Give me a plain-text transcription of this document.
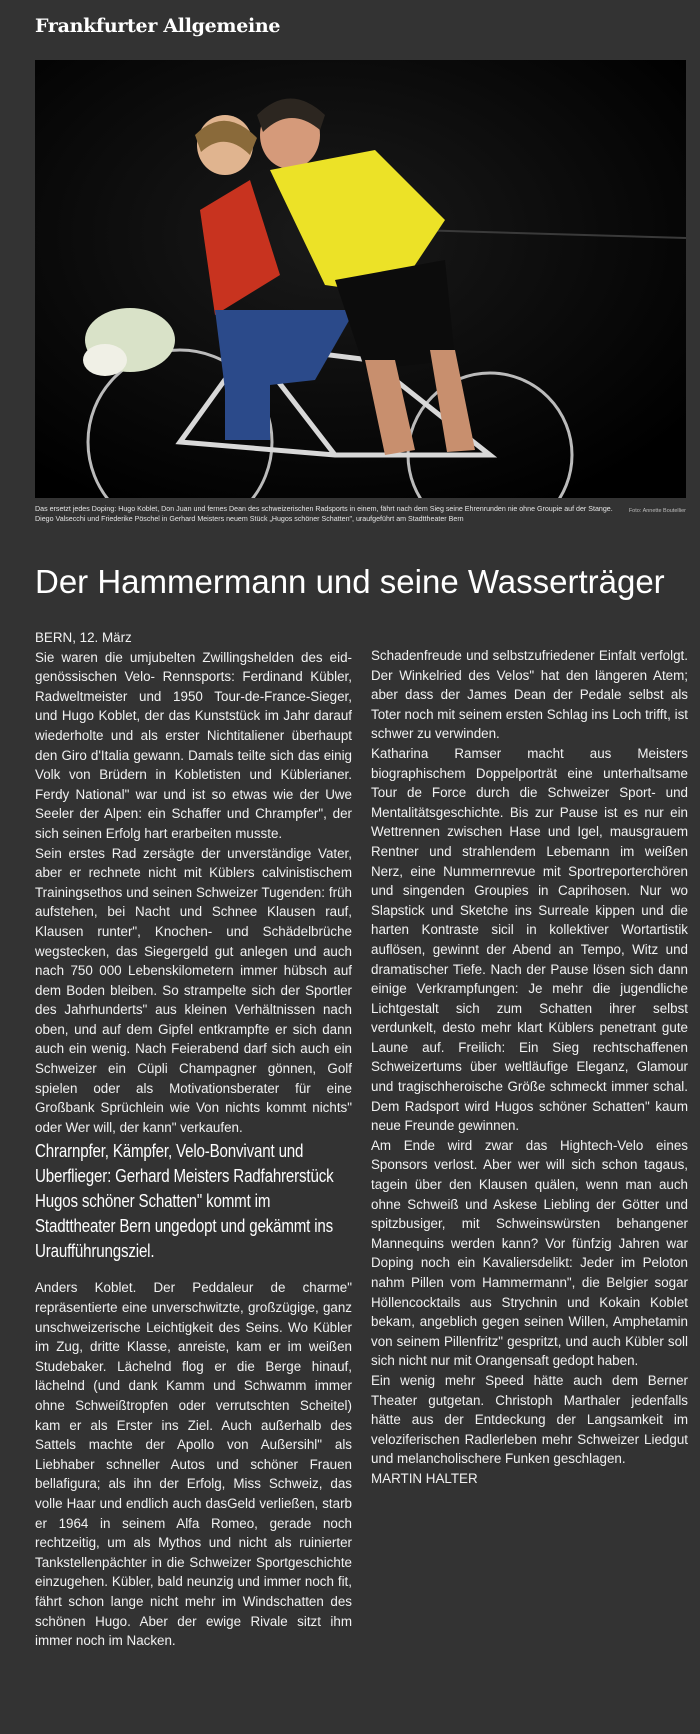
Frankfurter Allgemeine
Foto: Annette Boutellier
Das ersetzt jedes Doping: Hugo Koblet, Don Juan und fernes Dean des schweizerischen Radsports in einem, fährt nach dem Sieg seine Ehrenrunden nie ohne Groupie auf der Stange. Diego Valsecchi und Friederike Pöschel in Gerhard Meisters neuem Stück „Hugos schöner Schatten", uraufgeführt am Stadttheater Bern
Der Hammermann und seine Wasserträger

BERN, 12. März

Sie waren die umjubelten Zwillingshelden des eid-genössischen Velo- Rennsports: Ferdinand Kübler, Radweltmeister und 1950 Tour-de-France-Sieger, und Hugo Koblet, der das Kunststück im Jahr darauf wiederholte und als erster Nichtitaliener überhaupt den Giro d'Italia gewann. Damals teilte sich das einig Volk von Brüdern in Kobletisten und Küblerianer. Ferdy National" war und ist so etwas wie der Uwe Seeler der Alpen: ein Schaffer und Chrampfer", der sich seinen Erfolg hart erarbeiten musste.

Sein erstes Rad zersägte der unverständige Vater, aber er rechnete nicht mit Küblers calvinistischem Trainingsethos und seinen Schweizer Tugenden: früh aufstehen, bei Nacht und Schnee Klausen rauf, Klausen runter", Knochen- und Schädelbrüche wegstecken, das Siegergeld gut anlegen und auch nach 750 000 Lebenskilometern immer hübsch auf dem Boden bleiben. So strampelte sich der Sportler des Jahrhunderts" aus kleinen Verhältnissen nach oben, und auf dem Gipfel entkrampfte er sich dann auch ein wenig. Nach Feierabend darf sich auch ein Schweizer ein Cüpli Champagner gönnen, Golf spielen oder als Motivationsberater für eine Großbank Sprüchlein wie Von nichts kommt nichts" oder Wer will, der kann" verkaufen.

Chrarnpfer, Kämpfer, Velo-Bonvivant und Uberflieger: Gerhard Meisters Radfahrerstück Hugos schöner Schatten" kommt im Stadttheater Bern ungedopt und gekämmt ins Uraufführungsziel.

Anders Koblet. Der Peddaleur de charme" repräsentierte eine unverschwitzte, großzügige, ganz unschweizerische Leichtigkeit des Seins. Wo Kübler im Zug, dritte Klasse, anreiste, kam er im weißen Studebaker. Lächelnd flog er die Berge hinauf, lächelnd (und dank Kamm und Schwamm immer ohne Schweißtropfen oder verrutschten Scheitel) kam er als Erster ins Ziel. Auch außerhalb des Sattels machte der Apollo von Außersihl" als Liebhaber schneller Autos und schöner Frauen bellafigura; als ihn der Erfolg, Miss Schweiz, das volle Haar und endlich auch dasGeld verließen, starb er 1964 in seinem Alfa Romeo, gerade noch rechtzeitig, um als Mythos und nicht als ruinierter Tankstellenpächter in die Schweizer Sportgeschichte einzugehen. Kübler, bald neunzig und immer noch fit, fährt schon lange nicht mehr im Windschatten des schönen Hugo. Aber der ewige Rivale sitzt ihm immer noch im Nacken.

Schadenfreude und selbstzufriedener Einfalt verfolgt. Der Winkelried des Velos" hat den längeren Atem; aber dass der James Dean der Pedale selbst als Toter noch mit seinem ersten Schlag ins Loch trifft, ist schwer zu verwinden.

Katharina Ramser macht aus Meisters biographischem Doppelporträt eine unterhaltsame Tour de Force durch die Schweizer Sport- und Mentalitätsgeschichte. Bis zur Pause ist es nur ein Wettrennen zwischen Hase und Igel, mausgrauem Rentner und strahlendem Lebemann im weißen Nerz, eine Nummernrevue mit Sportreporterchören und singenden Groupies in Caprihosen. Nur wo Slapstick und Sketche ins Surreale kippen und die harten Kontraste sicil in kollektiver Wortartistik auflösen, gewinnt der Abend an Tempo, Witz und dramatischer Tiefe. Nach der Pause lösen sich dann einige Verkrampfungen: Je mehr die jugendliche Lichtgestalt sich zum Schatten ihrer selbst verdunkelt, desto mehr klart Küblers penetrant gute Laune auf. Freilich: Ein Sieg rechtschaffenen Schweizertums über weltläufige Eleganz, Glamour und tragischheroische Größe schmeckt immer schal. Dem Radsport wird Hugos schöner Schatten" kaum neue Freunde gewinnen.

Am Ende wird zwar das Hightech-Velo eines Sponsors verlost. Aber wer will sich schon tagaus, tagein über den Klausen quälen, wenn man auch ohne Schweiß und Askese Liebling der Götter und spitzbusiger, mit Schweinswürsten behangener Mannequins werden kann? Vor fünfzig Jahren war Doping noch ein Kavaliersdelikt: Jeder im Peloton nahm Pillen vom Hammermann", die Belgier sogar Höllencocktails aus Strychnin und Kokain Koblet bekam, angeblich gegen seinen Willen, Amphetamin von seinem Pillenfritz" gespritzt, und auch Kübler soll sich nicht nur mit Orangensaft gedopt haben.

Ein wenig mehr Speed hätte auch dem Berner Theater gutgetan. Christoph Marthaler jedenfalls hätte aus der Entdeckung der Langsamkeit im veloziferischen Radlerleben mehr Schweizer Liedgut und melancholischere Funken geschlagen.

MARTIN HALTER
